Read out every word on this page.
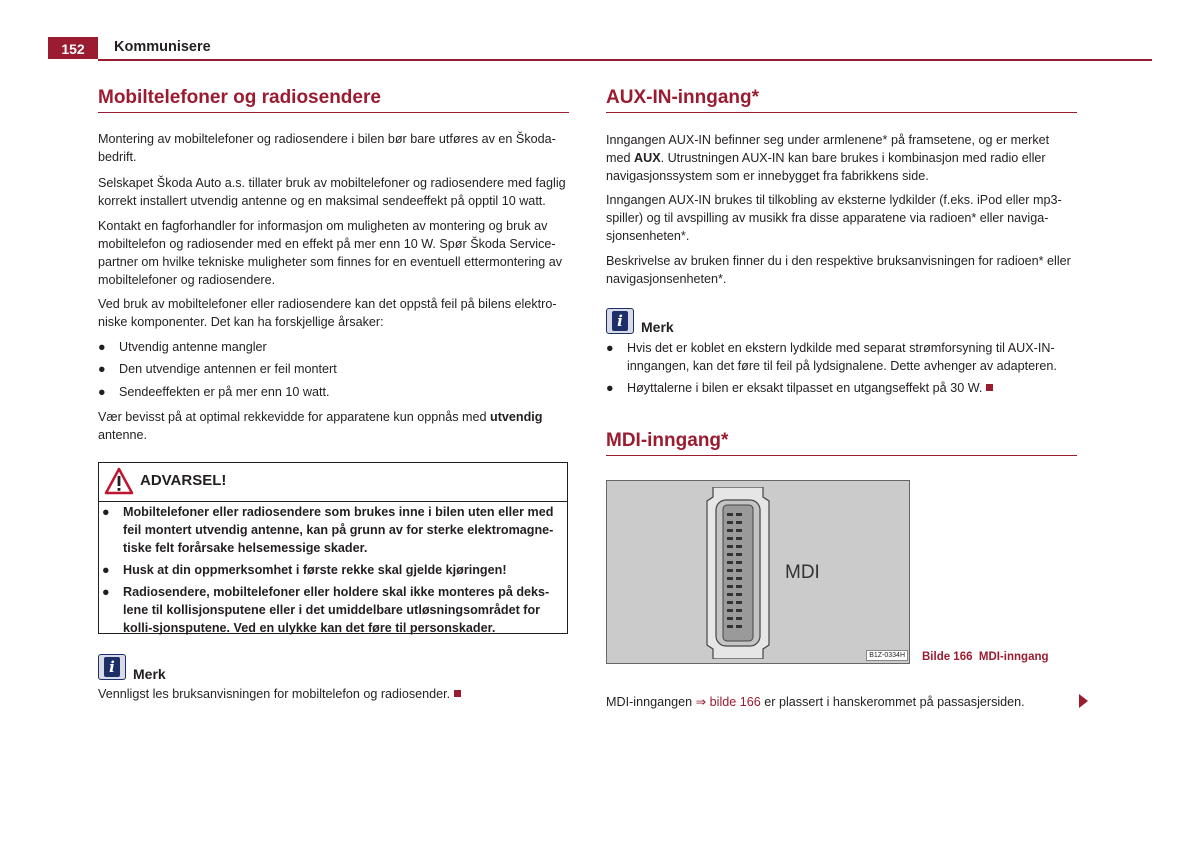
152	Kommunisere
Mobiltelefoner og radiosendere

Montering av mobiltelefoner og radiosendere i bilen bør bare utføres av en Škoda-bedrift.

Selskapet Škoda Auto a.s. tillater bruk av mobiltelefoner og radiosendere med faglig korrekt installert utvendig antenne og en maksimal sendeeffekt på opptil 10 watt.

Kontakt en fagforhandler for informasjon om muligheten av montering og bruk av mobiltelefon og radiosender med en effekt på mer enn 10 W. Spør Škoda Service-partner om hvilke tekniske muligheter som finnes for en eventuell ettermontering av mobiltelefoner og radiosendere.

Ved bruk av mobiltelefoner eller radiosendere kan det oppstå feil på bilens elektro-niske komponenter. Det kan ha forskjellige årsaker:

● Utvendig antenne mangler
● Den utvendige antennen er feil montert
● Sendeeffekten er på mer enn 10 watt.

Vær bevisst på at optimal rekkevidde for apparatene kun oppnås med utvendig
antenne.

ADVARSEL!
● Mobiltelefoner eller radiosendere som brukes inne i bilen uten eller med feil montert utvendig antenne, kan på grunn av for sterke elektromagne-tiske felt forårsake helsemessige skader.
● Husk at din oppmerksomhet i første rekke skal gjelde kjøringen!
● Radiosendere, mobiltelefoner eller holdere skal ikke monteres på deks-lene til kollisjonsputene eller i det umiddelbare utløsningsområdet for kolli-sjonsputene. Ved en ulykke kan det føre til personskader.
i	Merk

Vennligst les bruksanvisningen for mobiltelefon og radiosender.

AUX-IN-inngang*

Inngangen AUX-IN befinner seg under armlenene* på framsetene, og er merket med AUX. Utrustningen AUX-IN kan bare brukes i kombinasjon med radio eller navigasjonssystem som er innebygget fra fabrikkens side.

Inngangen AUX-IN brukes til tilkobling av eksterne lydkilder (f.eks. iPod eller mp3-spiller) og til avspilling av musikk fra disse apparatene via radioen* eller naviga-sjonsenheten*.

Beskrivelse av bruken finner du i den respektive bruksanvisningen for radioen* eller navigasjonsenheten*.

i	Merk
● Hvis det er koblet en ekstern lydkilde med separat strømforsyning til AUX-IN-inngangen, kan det føre til feil på lydsignalene. Dette avhenger av adapteren.
● Høyttalerne i bilen er eksakt tilpasset en utgangseffekt på 30 W.
MDI-inngang*
MDI
B1Z-0334H Bilde 166 MDI-inngang

MDI-inngangen ⇒ bilde 166 er plassert i hanskerommet på passasjersiden.
